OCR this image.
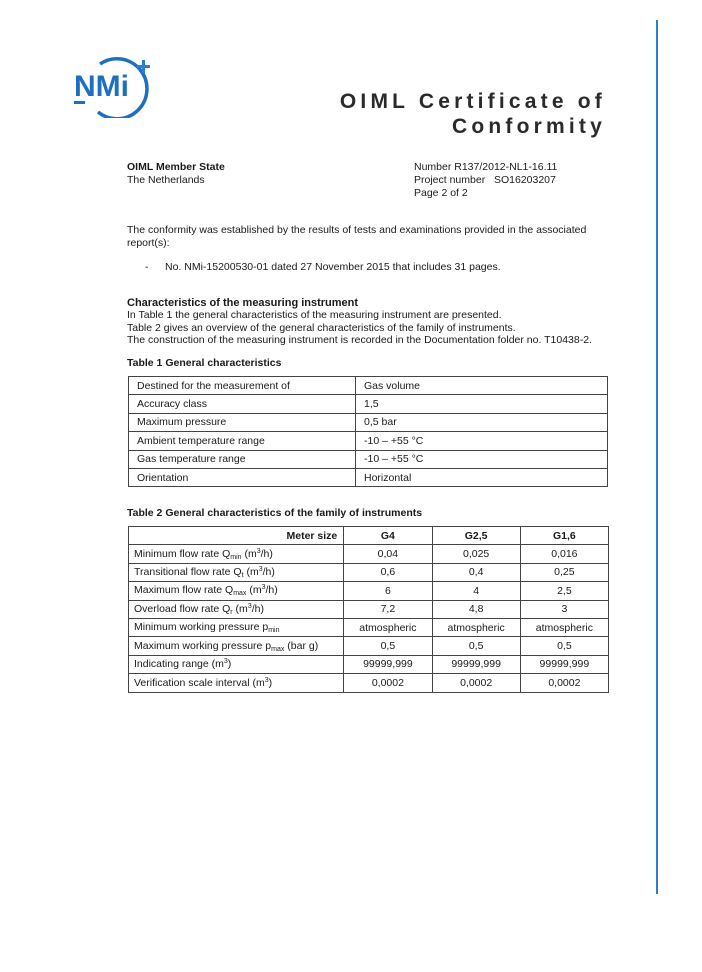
NMi	OIML Certificate of
Conformity
OIML Member State
The Netherlands
Number R137/2012-NL1-16.11
Project number   SO16203207
Page 2 of 2
The conformity was established by the results of tests and examinations provided in the associated report(s):
- No. NMi-15200530-01 dated 27 November 2015 that includes 31 pages.
Characteristics of the measuring instrument
In Table 1 the general characteristics of the measuring instrument are presented.
Table 2 gives an overview of the general characteristics of the family of instruments.
The construction of the measuring instrument is recorded in the Documentation folder no. T10438-2.
Table 1 General characteristics
Destined for the measurement of	Gas volume
Accuracy class	1,5
Maximum pressure	0,5 bar
Ambient temperature range	-10 – +55 °C
Gas temperature range	-10 – +55 °C
Orientation	Horizontal
Table 2 General characteristics of the family of instruments
Meter size	G4	G2,5	G1,6
Minimum flow rate $Q_{min}$ $(m^3/h)$	0,04	0,025	0,016
Transitional flow rate $Q_t$ $(m^3/h)$	0,6	0,4	0,25
Maximum flow rate $Q_{max}$ $(m^3/h)$	6	4	2,5
Overload flow rate $Q_r$ $(m^3/h)$	7,2	4,8	3
Minimum working pressure $p_{min}$	atmospheric	atmospheric	atmospheric
Maximum working pressure $p_{max}$ (bar g)	0,5	0,5	0,5
Indicating range $(m^3)$	99999,999	99999,999	99999,999
Verification scale interval $(m^3)$	0,0002	0,0002	0,0002
